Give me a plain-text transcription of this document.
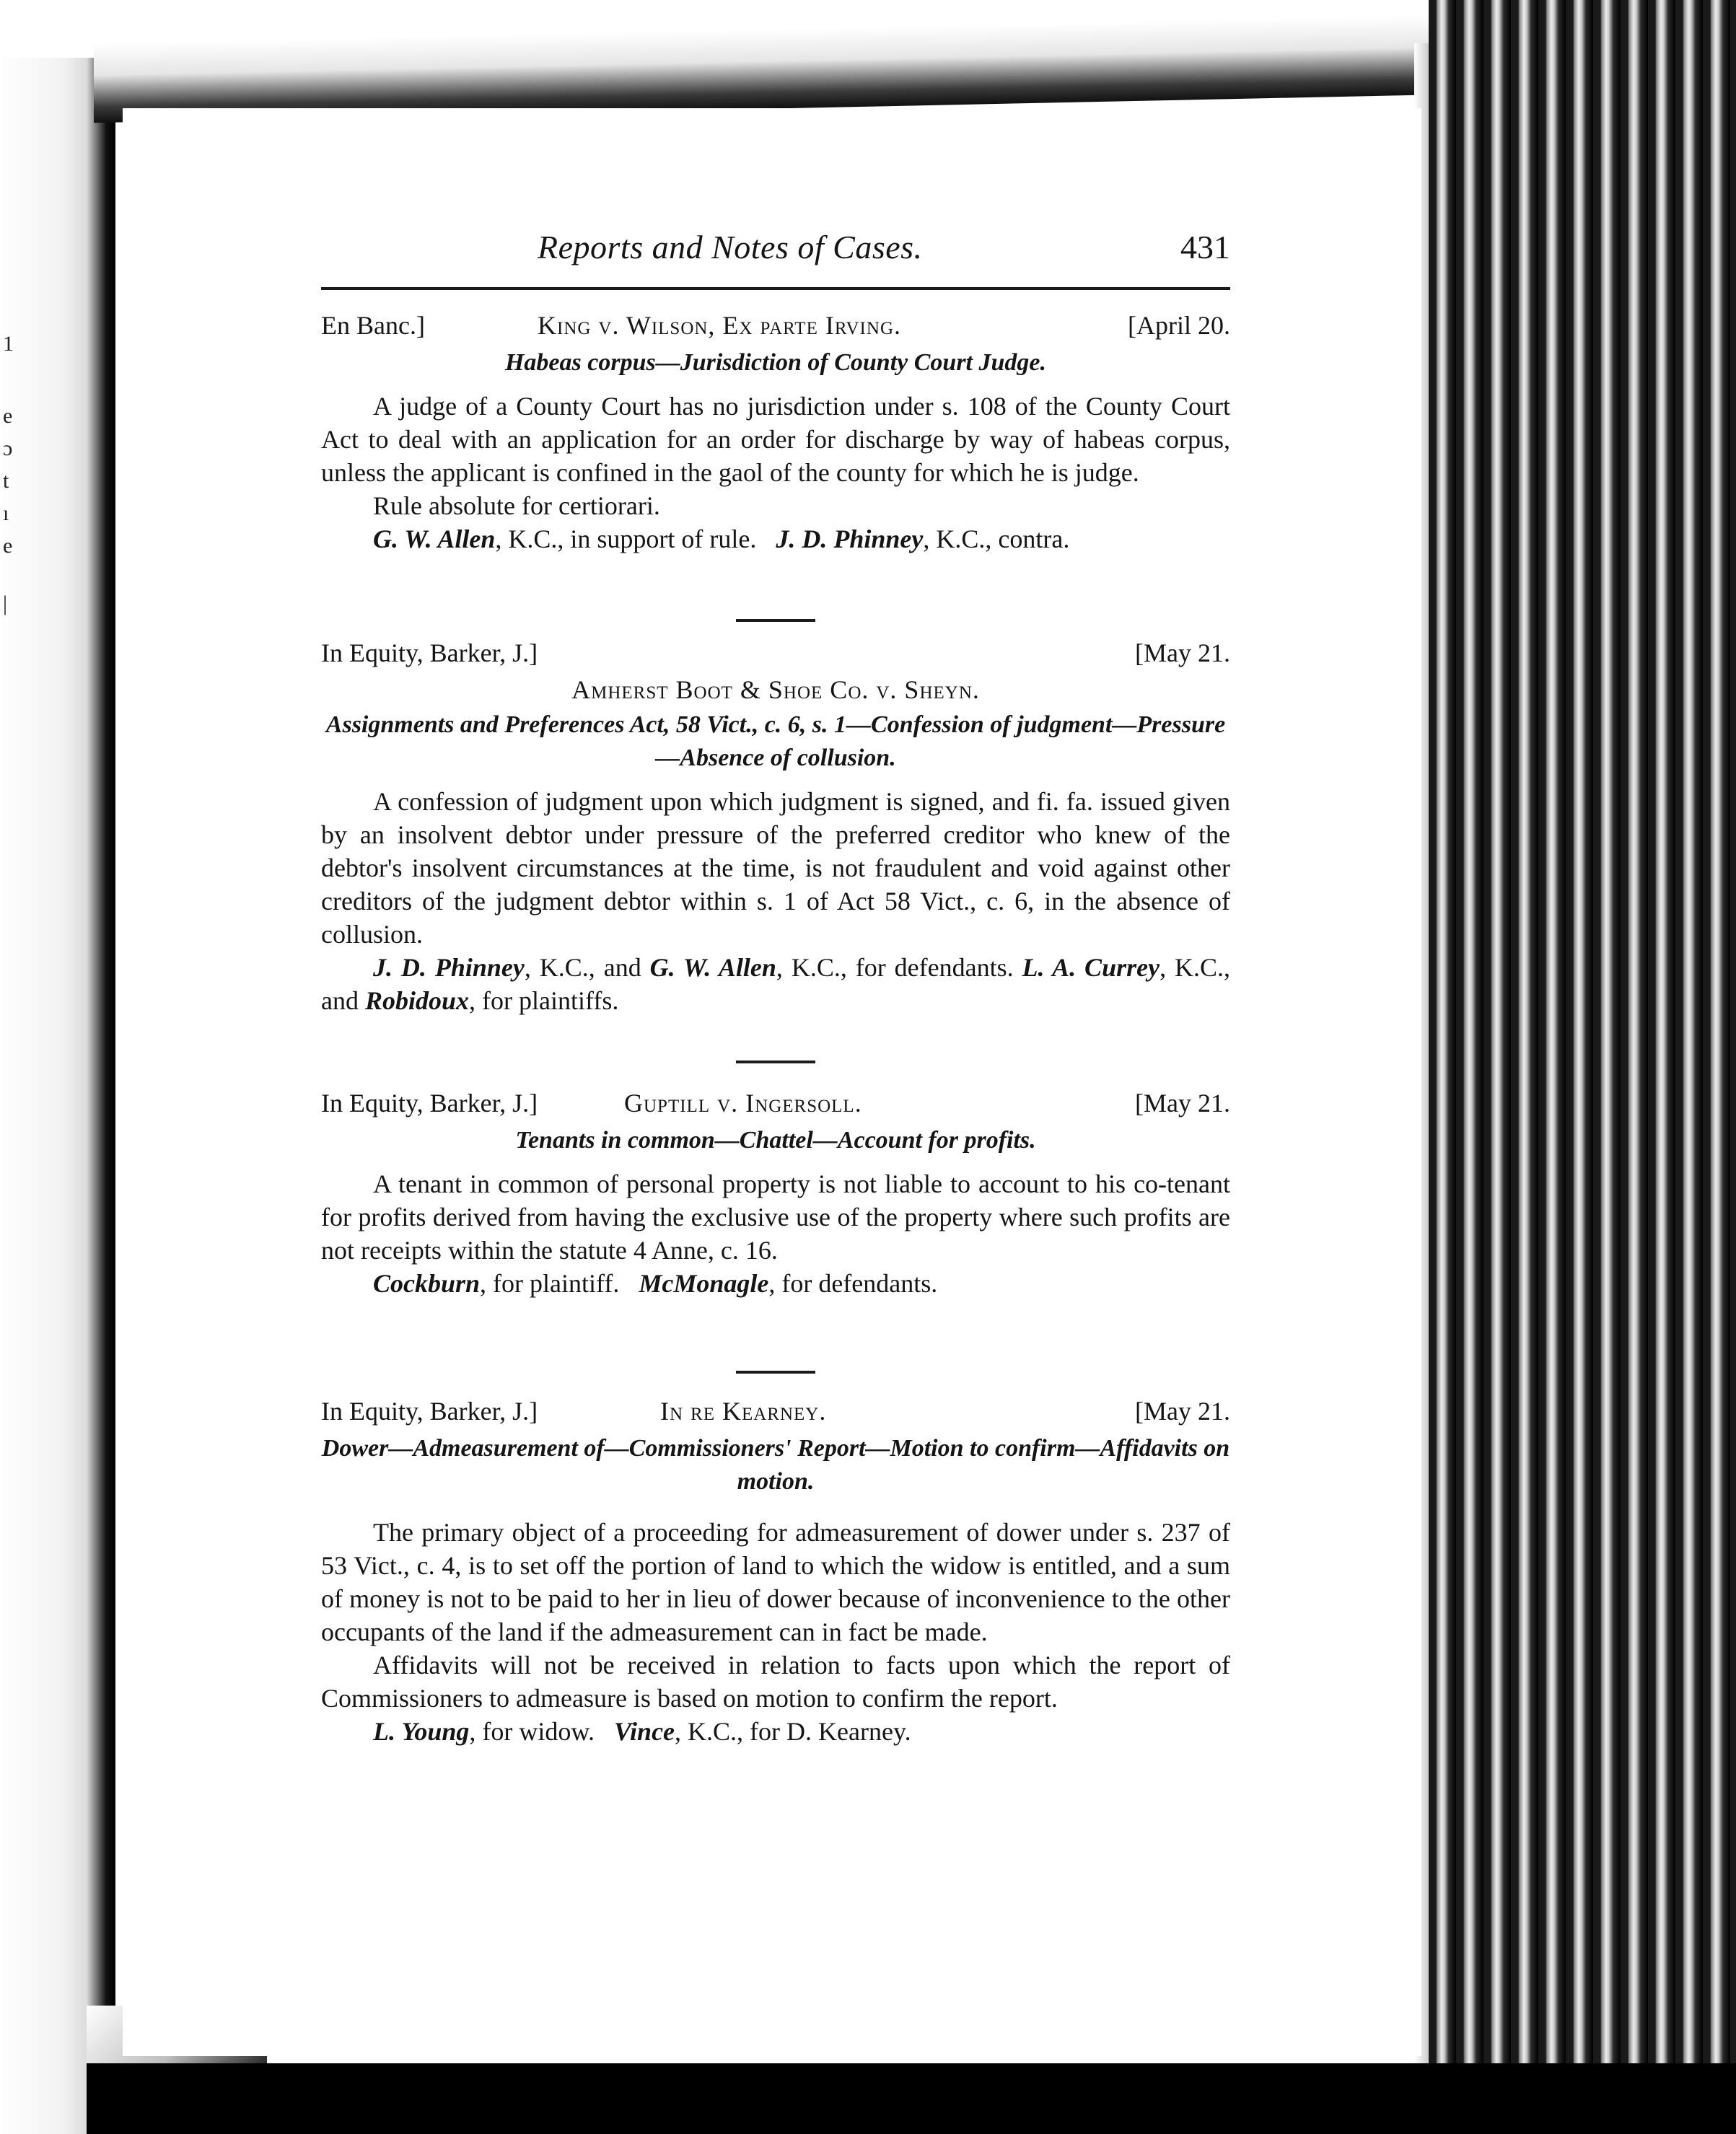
1
e
ɔ
t
ı
e
|
Reports and Notes of Cases.	431
En Banc.]	King v. Wilson, Ex parte Irving.	[April 20.
Habeas corpus—Jurisdiction of County Court Judge.

A judge of a County Court has no jurisdiction under s. 108 of the County Court Act to deal with an application for an order for discharge by way of habeas corpus, unless the applicant is confined in the gaol of the county for which he is judge.

Rule absolute for certiorari.

G. W. Allen, K.C., in support of rule. J. D. Phinney, K.C., contra.

In Equity, Barker, J.]	[May 21.
Amherst Boot & Shoe Co. v. Sheyn.
Assignments and Preferences Act, 58 Vict., c. 6, s. 1—Confession of judgment—Pressure—Absence of collusion.

A confession of judgment upon which judgment is signed, and fi. fa. issued given by an insolvent debtor under pressure of the preferred creditor who knew of the debtor's insolvent circumstances at the time, is not fraudulent and void against other creditors of the judgment debtor within s. 1 of Act 58 Vict., c. 6, in the absence of collusion.

J. D. Phinney, K.C., and G. W. Allen, K.C., for defendants. L. A. Currey, K.C., and Robidoux, for plaintiffs.

In Equity, Barker, J.]	Guptill v. Ingersoll.	[May 21.
Tenants in common—Chattel—Account for profits.

A tenant in common of personal property is not liable to account to his co-tenant for profits derived from having the exclusive use of the property where such profits are not receipts within the statute 4 Anne, c. 16.

Cockburn, for plaintiff.   McMonagle, for defendants.

In Equity, Barker, J.]	In re Kearney.	[May 21.
Dower—Admeasurement of—Commissioners' Report—Motion to confirm—Affidavits on motion.

The primary object of a proceeding for admeasurement of dower under s. 237 of 53 Vict., c. 4, is to set off the portion of land to which the widow is entitled, and a sum of money is not to be paid to her in lieu of dower because of inconvenience to the other occupants of the land if the admeasurement can in fact be made.

Affidavits will not be received in relation to facts upon which the report of Commissioners to admeasure is based on motion to confirm the report.

L. Young, for widow.   Vince, K.C., for D. Kearney.
